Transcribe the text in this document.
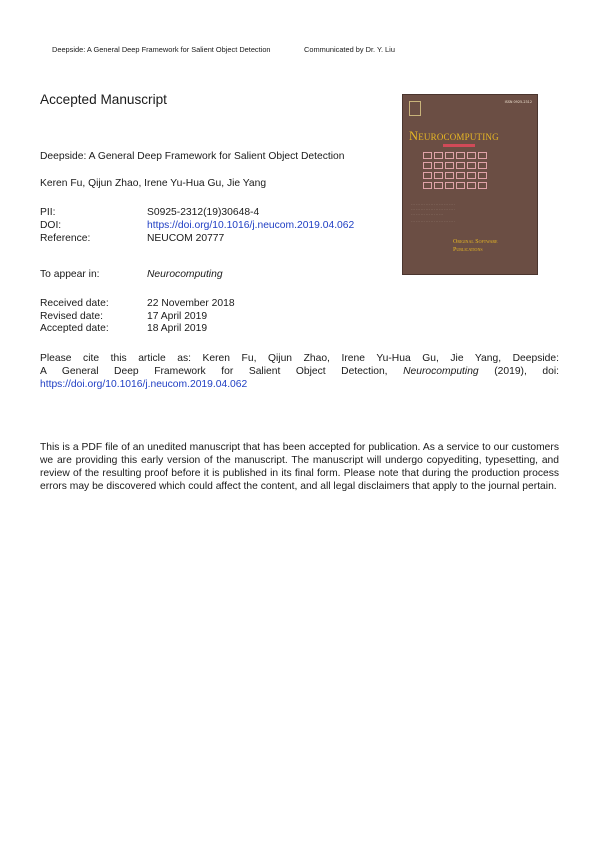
Deepside: A General Deep Framework for Salient Object Detection	Communicated by Dr. Y. Liu
Accepted Manuscript	ISSN 0925-2312
Neurocomputing
· · · · · · · · · · · · · · · · · · · · · · · · · · ·
· · · · · · · · · · · · · · · · · · · · · · · · · · ·
· · · · · · · · · · · · · · · · · · · ·
· · · · · · · · · · · · · · · · · · · · · · · · · · ·
Original Software Publications
Deepside: A General Deep Framework for Salient Object Detection
Keren Fu, Qijun Zhao, Irene Yu-Hua Gu, Jie Yang
PII:	S0925-2312(19)30648-4
DOI:	https://doi.org/10.1016/j.neucom.2019.04.062
Reference:	NEUCOM 20777
To appear in:	Neurocomputing
Received date:	22 November 2018
Revised date:	17 April 2019
Accepted date:	18 April 2019
Please cite this article as: Keren Fu, Qijun Zhao, Irene Yu-Hua Gu, Jie Yang, Deepside:
A General Deep Framework for Salient Object Detection, Neurocomputing (2019), doi:
https://doi.org/10.1016/j.neucom.2019.04.062
This is a PDF file of an unedited manuscript that has been accepted for publication. As a service to our customers we are providing this early version of the manuscript. The manuscript will undergo copyediting, typesetting, and review of the resulting proof before it is published in its final form. Please note that during the production process errors may be discovered which could affect the content, and all legal disclaimers that apply to the journal pertain.
